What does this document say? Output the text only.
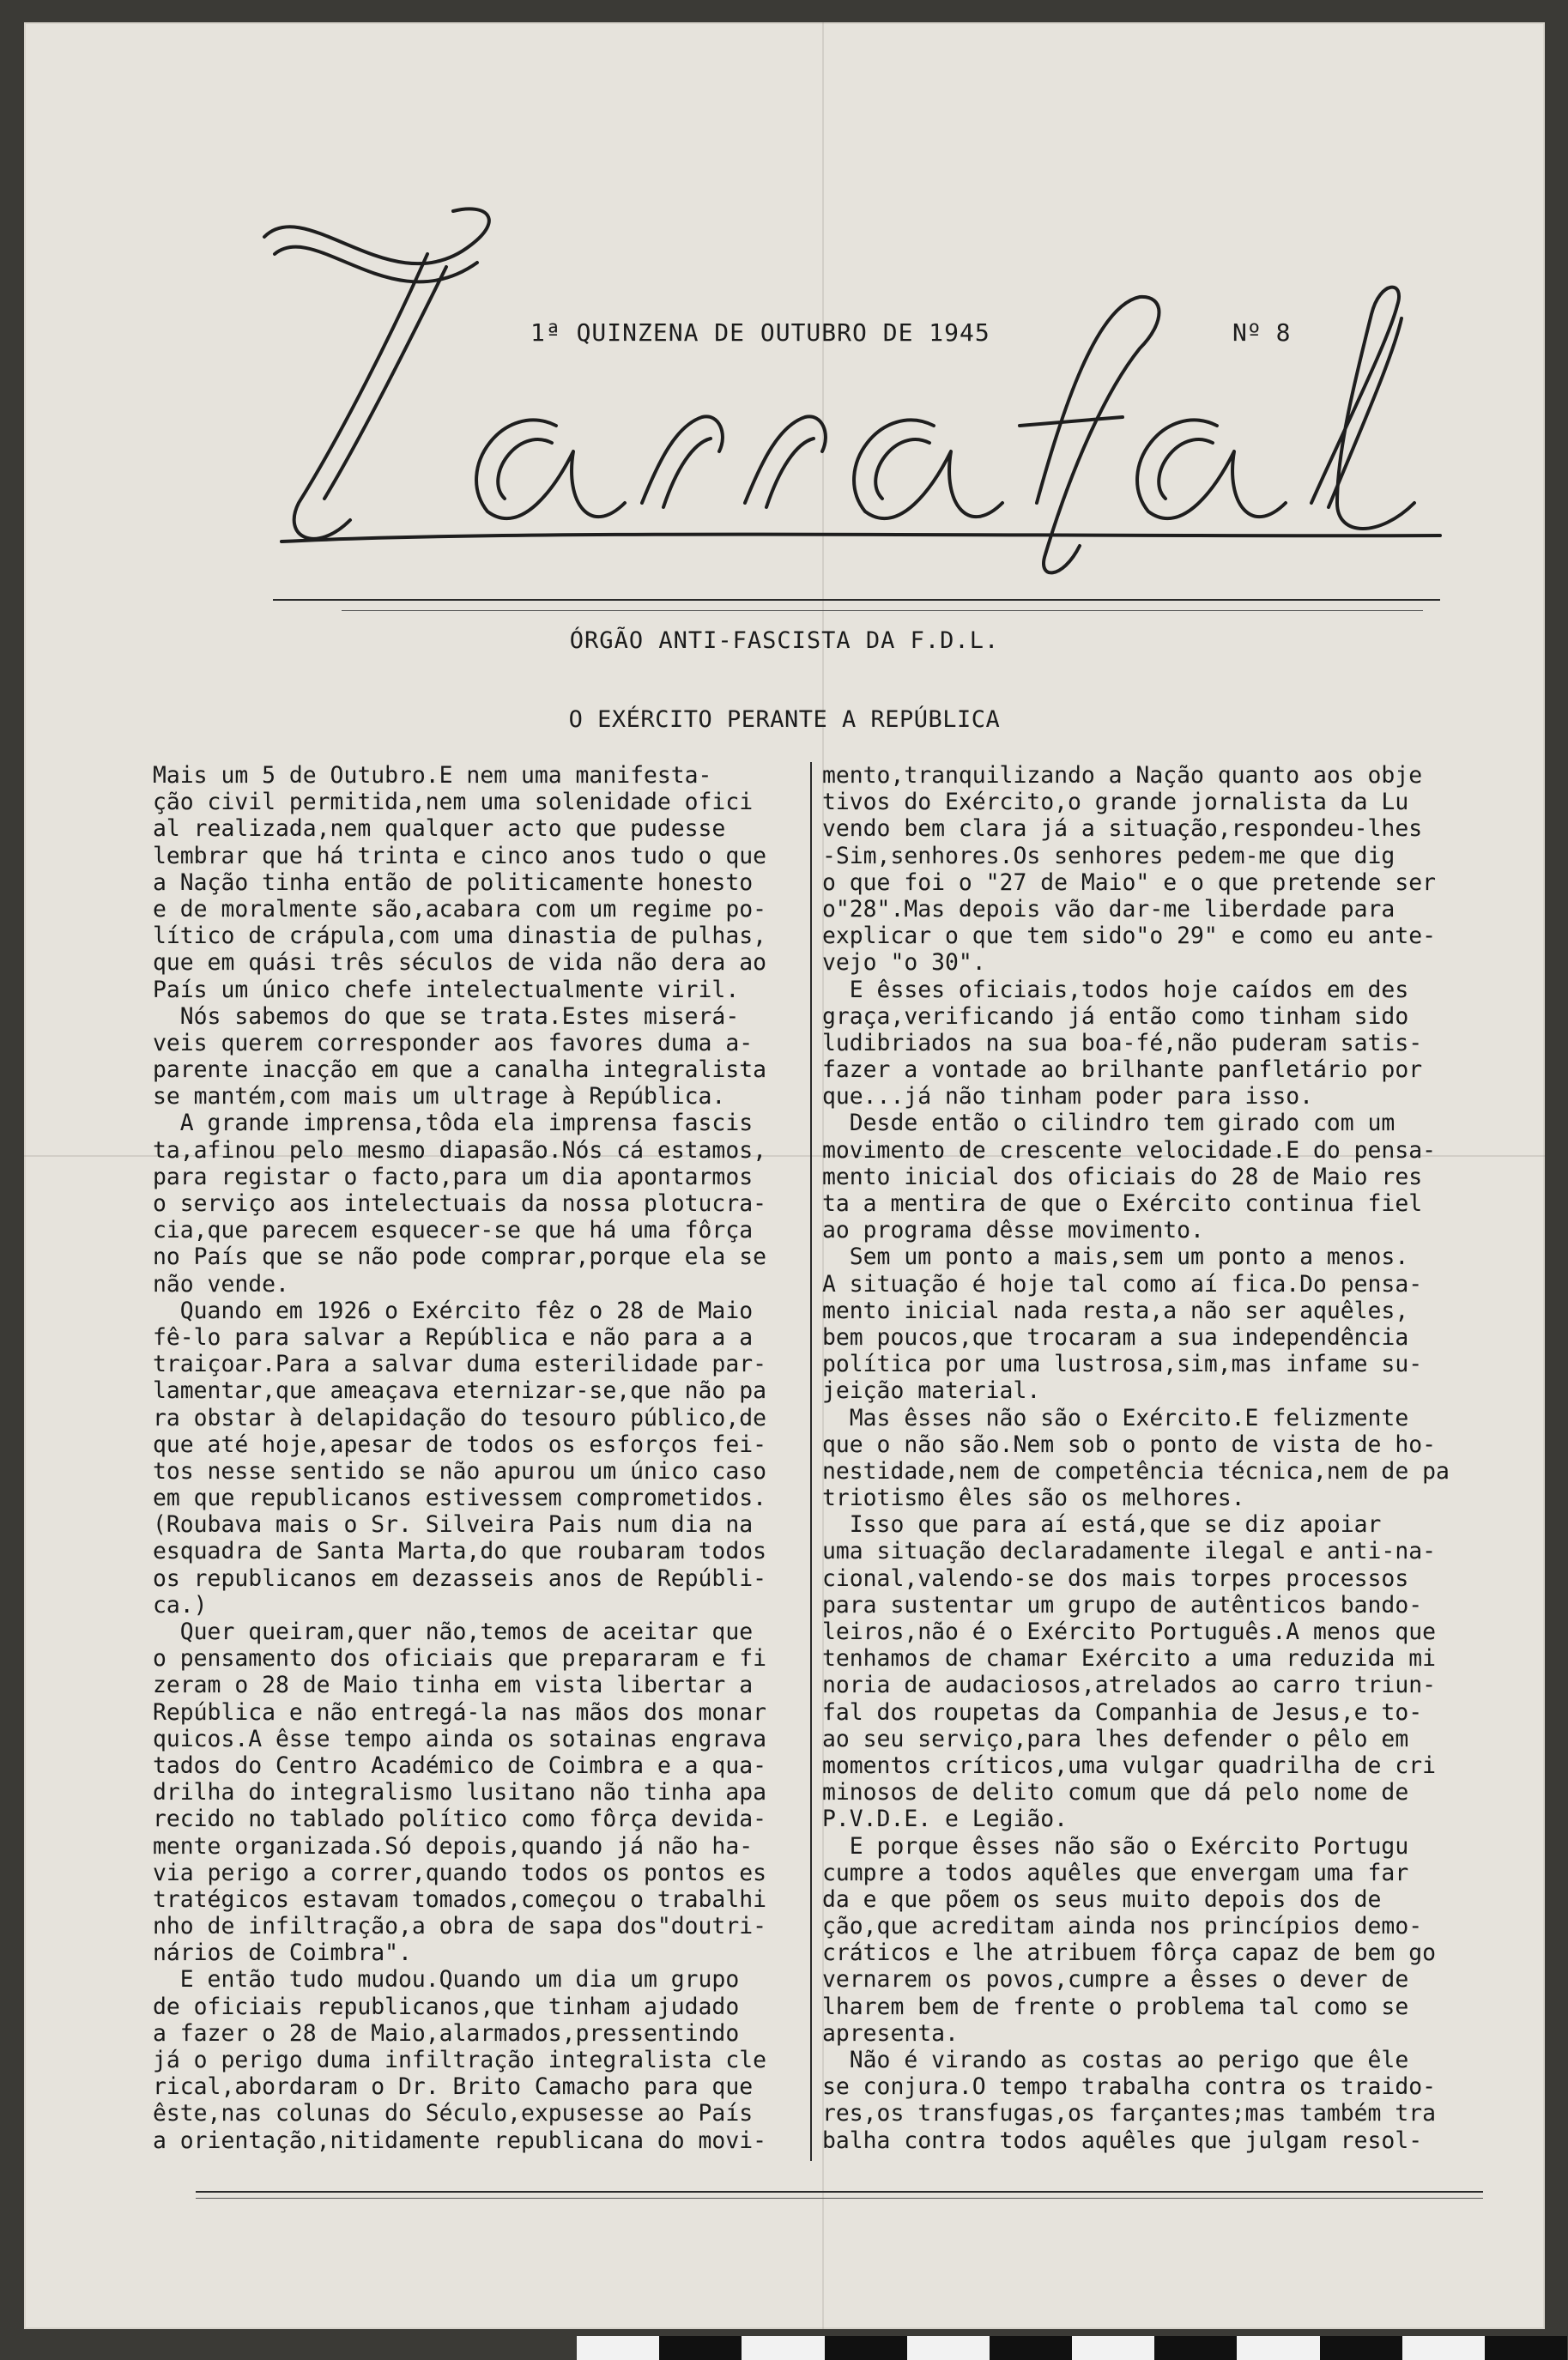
1ª QUINZENA DE OUTUBRO DE 1945	Nº 8
ÓRGÃO ANTI-FASCISTA DA F.D.L.
O EXÉRCITO PERANTE A REPÚBLICA
Mais um 5 de Outubro.E nem uma manifesta-
ção civil permitida,nem uma solenidade ofici
al realizada,nem qualquer acto que pudesse
lembrar que há trinta e cinco anos tudo o que
a Nação tinha então de politicamente honesto
e de moralmente são,acabara com um regime po-
lítico de crápula,com uma dinastia de pulhas,
que em quási três séculos de vida não dera ao
País um único chefe intelectualmente viril.
Nós sabemos do que se trata.Estes miserá-
veis querem corresponder aos favores duma a-
parente inacção em que a canalha integralista
se mantém,com mais um ultrage à República.
A grande imprensa,tôda ela imprensa fascis
ta,afinou pelo mesmo diapasão.Nós cá estamos,
para registar o facto,para um dia apontarmos
o serviço aos intelectuais da nossa plotucra-
cia,que parecem esquecer-se que há uma fôrça
no País que se não pode comprar,porque ela se
não vende.
Quando em 1926 o Exército fêz o 28 de Maio
fê-lo para salvar a República e não para a a
traiçoar.Para a salvar duma esterilidade par-
lamentar,que ameaçava eternizar-se,que não pa
ra obstar à delapidação do tesouro público,de
que até hoje,apesar de todos os esforços fei-
tos nesse sentido se não apurou um único caso
em que republicanos estivessem comprometidos.
(Roubava mais o Sr. Silveira Pais num dia na
esquadra de Santa Marta,do que roubaram todos
os republicanos em dezasseis anos de Repúbli-
ca.)
Quer queiram,quer não,temos de aceitar que
o pensamento dos oficiais que prepararam e fi
zeram o 28 de Maio tinha em vista libertar a
República e não entregá-la nas mãos dos monar
quicos.A êsse tempo ainda os sotainas engrava
tados do Centro Académico de Coimbra e a qua-
drilha do integralismo lusitano não tinha apa
recido no tablado político como fôrça devida-
mente organizada.Só depois,quando já não ha-
via perigo a correr,quando todos os pontos es
tratégicos estavam tomados,começou o trabalhi
nho de infiltração,a obra de sapa dos"doutri-
nários de Coimbra".
E então tudo mudou.Quando um dia um grupo
de oficiais republicanos,que tinham ajudado
a fazer o 28 de Maio,alarmados,pressentindo
já o perigo duma infiltração integralista cle
rical,abordaram o Dr. Brito Camacho para que
êste,nas colunas do Século,expusesse ao País
a orientação,nitidamente republicana do movi-
mento,tranquilizando a Nação quanto aos obje
tivos do Exército,o grande jornalista da Lu
vendo bem clara já a situação,respondeu-lhes
-Sim,senhores.Os senhores pedem-me que dig
o que foi o "27 de Maio" e o que pretende ser
o"28".Mas depois vão dar-me liberdade para
explicar o que tem sido"o 29" e como eu ante-
vejo "o 30".
E êsses oficiais,todos hoje caídos em des
graça,verificando já então como tinham sido
ludibriados na sua boa-fé,não puderam satis-
fazer a vontade ao brilhante panfletário por
que...já não tinham poder para isso.
Desde então o cilindro tem girado com um
movimento de crescente velocidade.E do pensa-
mento inicial dos oficiais do 28 de Maio res
ta a mentira de que o Exército continua fiel
ao programa dêsse movimento.
Sem um ponto a mais,sem um ponto a menos.
A situação é hoje tal como aí fica.Do pensa-
mento inicial nada resta,a não ser aquêles,
bem poucos,que trocaram a sua independência
política por uma lustrosa,sim,mas infame su-
jeição material.
Mas êsses não são o Exército.E felizmente
que o não são.Nem sob o ponto de vista de ho-
nestidade,nem de competência técnica,nem de pa
triotismo êles são os melhores.
Isso que para aí está,que se diz apoiar
uma situação declaradamente ilegal e anti-na-
cional,valendo-se dos mais torpes processos
para sustentar um grupo de autênticos bando-
leiros,não é o Exército Português.A menos que
tenhamos de chamar Exército a uma reduzida mi
noria de audaciosos,atrelados ao carro triun-
fal dos roupetas da Companhia de Jesus,e to-
ao seu serviço,para lhes defender o pêlo em
momentos críticos,uma vulgar quadrilha de cri
minosos de delito comum que dá pelo nome de
P.V.D.E. e Legião.
E porque êsses não são o Exército Portugu
cumpre a todos aquêles que envergam uma far
da e que põem os seus muito depois dos de
ção,que acreditam ainda nos princípios demo-
cráticos e lhe atribuem fôrça capaz de bem go
vernarem os povos,cumpre a êsses o dever de
lharem bem de frente o problema tal como se
apresenta.
Não é virando as costas ao perigo que êle
se conjura.O tempo trabalha contra os traido-
res,os transfugas,os farçantes;mas também tra
balha contra todos aquêles que julgam resol-
